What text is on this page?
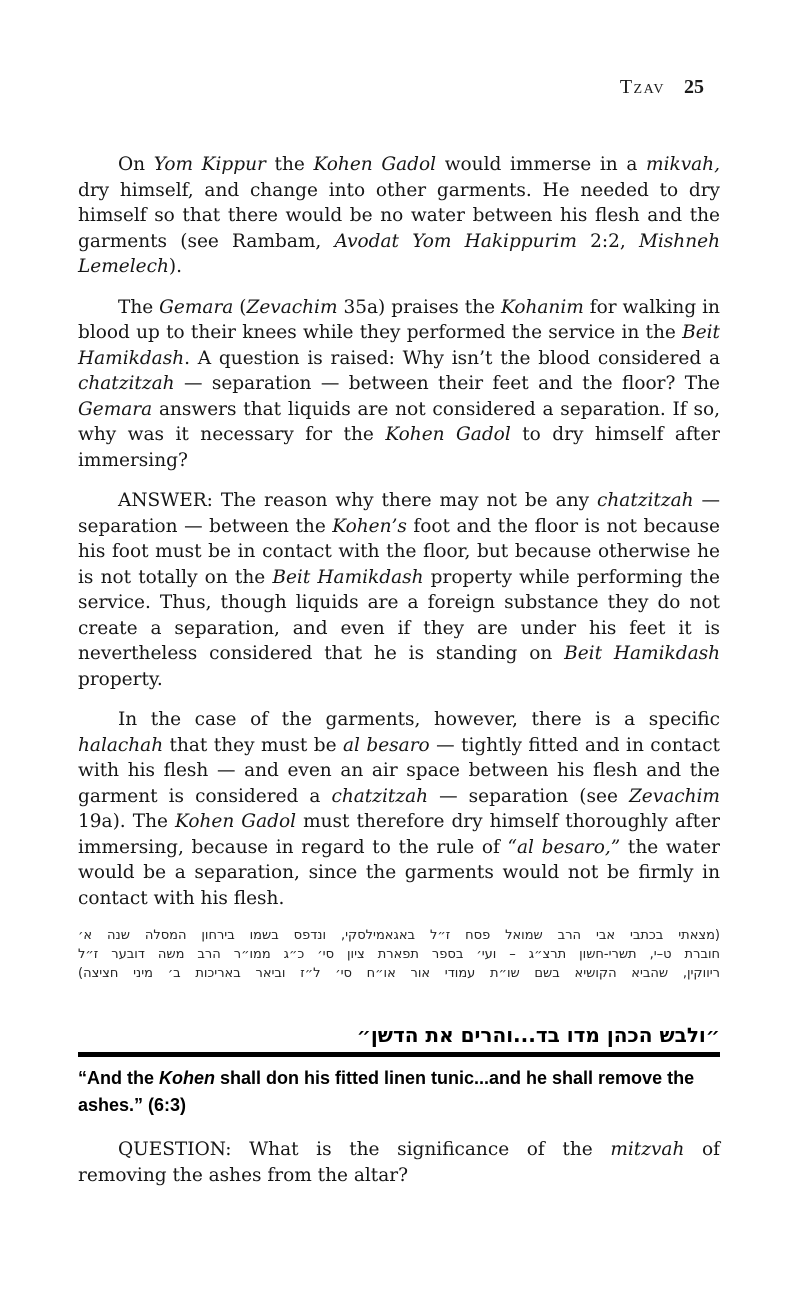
Tzav 25

On Yom Kippur the Kohen Gadol would immerse in a mikvah, dry himself, and change into other garments. He needed to dry himself so that there would be no water between his flesh and the garments (see Rambam, Avodat Yom Hakippurim 2:2, Mishneh Lemelech).

The Gemara (Zevachim 35a) praises the Kohanim for walking in blood up to their knees while they performed the service in the Beit Hamikdash. A question is raised: Why isn’t the blood considered a chatzitzah — separation — between their feet and the floor? The Gemara answers that liquids are not considered a separation. If so, why was it necessary for the Kohen Gadol to dry himself after immersing?

ANSWER: The reason why there may not be any chatzitzah — separation — between the Kohen’s foot and the floor is not because his foot must be in contact with the floor, but because otherwise he is not totally on the Beit Hamikdash property while performing the service. Thus, though liquids are a foreign substance they do not create a separation, and even if they are under his feet it is nevertheless considered that he is standing on Beit Hamikdash property.

In the case of the garments, however, there is a specific halachah that they must be al besaro — tightly fitted and in contact with his flesh — and even an air space between his flesh and the garment is considered a chatzitzah — separation (see Zevachim 19a). The Kohen Gadol must therefore dry himself thoroughly after immersing, because in regard to the rule of “al besaro,” the water would be a separation, since the garments would not be firmly in contact with his flesh.

(מצאתי בכתבי אבי הרב שמואל פסח ז״ל באגאמילסקי, ונדפס בשמו בירחון המסלה שנה א׳
חוברת ט–י, תשרי-חשון תרצ״ג – ועי׳ בספר תפארת ציון סי׳ כ״ג ממו״ר הרב משה דובער ז״ל
ריווקין, שהביא הקושיא בשם שו״ת עמודי אור או״ח סי׳ ל״ז וביאר באריכות ב׳ מיני חציצה)
״ולבש הכהן מדו בד...והרים את הדשן״
“And the Kohen shall don his fitted linen tunic...and he shall remove the ashes.” (6:3)

QUESTION: What is the significance of the mitzvah of removing the ashes from the altar?
